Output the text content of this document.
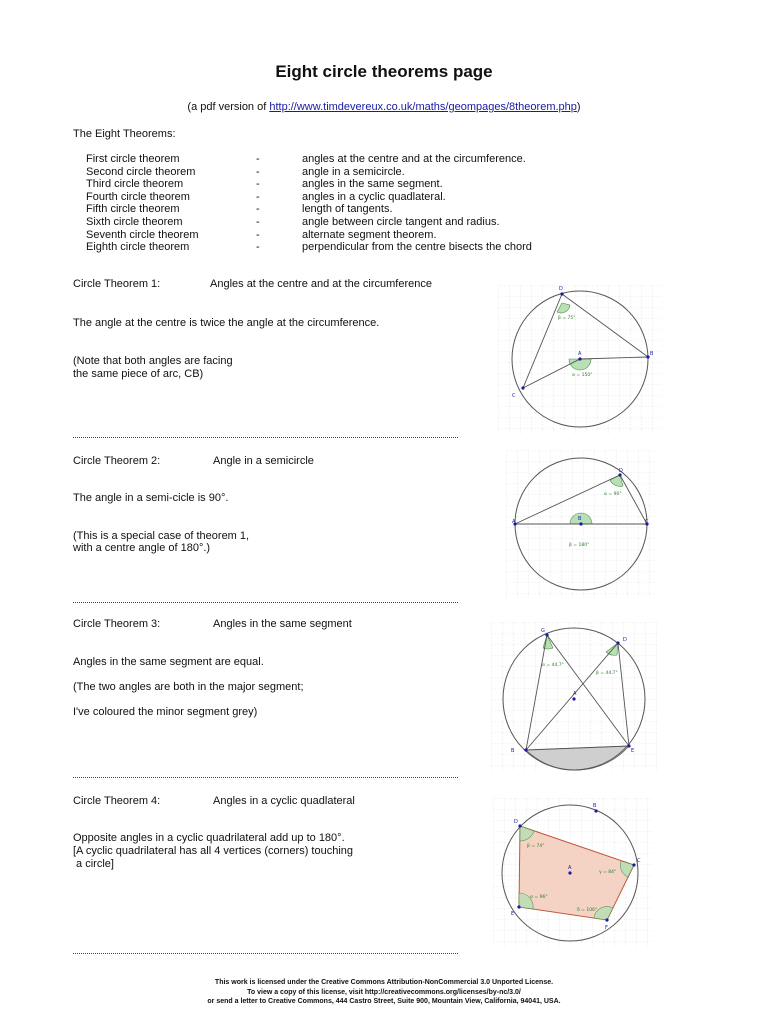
Eight circle theorems page
(a pdf version of http://www.timdevereux.co.uk/maths/geompages/8theorem.php)
The Eight Theorems:
First circle theorem	-	angles at the centre and at the circumference.
Second circle theorem	-	angle in a semicircle.
Third circle theorem	-	angles in the same segment.
Fourth circle theorem	-	angles in a cyclic quadlateral.
Fifth circle theorem	-	length of tangents.
Sixth circle theorem	-	angle between circle tangent and radius.
Seventh circle theorem	-	alternate segment theorem.
Eighth circle theorem	-	perpendicular from the centre bisects the chord
Circle Theorem 1:	Angles at the centre and at the circumference
The angle at the centre is twice the angle at the circumference.
(Note that both angles are facing
the same piece of arc, CB)
D
B
C
A
β = 75°
α = 150°
Circle Theorem 2:	Angle in a semicircle
The angle in a semi-cicle is 90°.
(This is a special case of theorem 1,
with a centre angle of 180°.)
D
A	C
B
α = 90°
β = 180°
Circle Theorem 3:	Angles in the same segment
Angles in the same segment are equal.
(The two angles are both in the major segment;
I've coloured the minor segment grey)
G
D
B	E
A
α = 44.7°
β = 44.7°
Circle Theorem 4:	Angles in a cyclic quadlateral
Opposite angles in a cyclic quadrilateral add up to 180°.
[A cyclic quadrilateral has all 4 vertices (corners) touching
a circle]
B
D
C
E
F
A
β = 74°
γ = 84°
α = 96°
δ = 106°
This work is licensed under the Creative Commons Attribution-NonCommercial 3.0 Unported License.
To view a copy of this license, visit http://creativecommons.org/licenses/by-nc/3.0/
or send a letter to Creative Commons, 444 Castro Street, Suite 900, Mountain View, California, 94041, USA.
